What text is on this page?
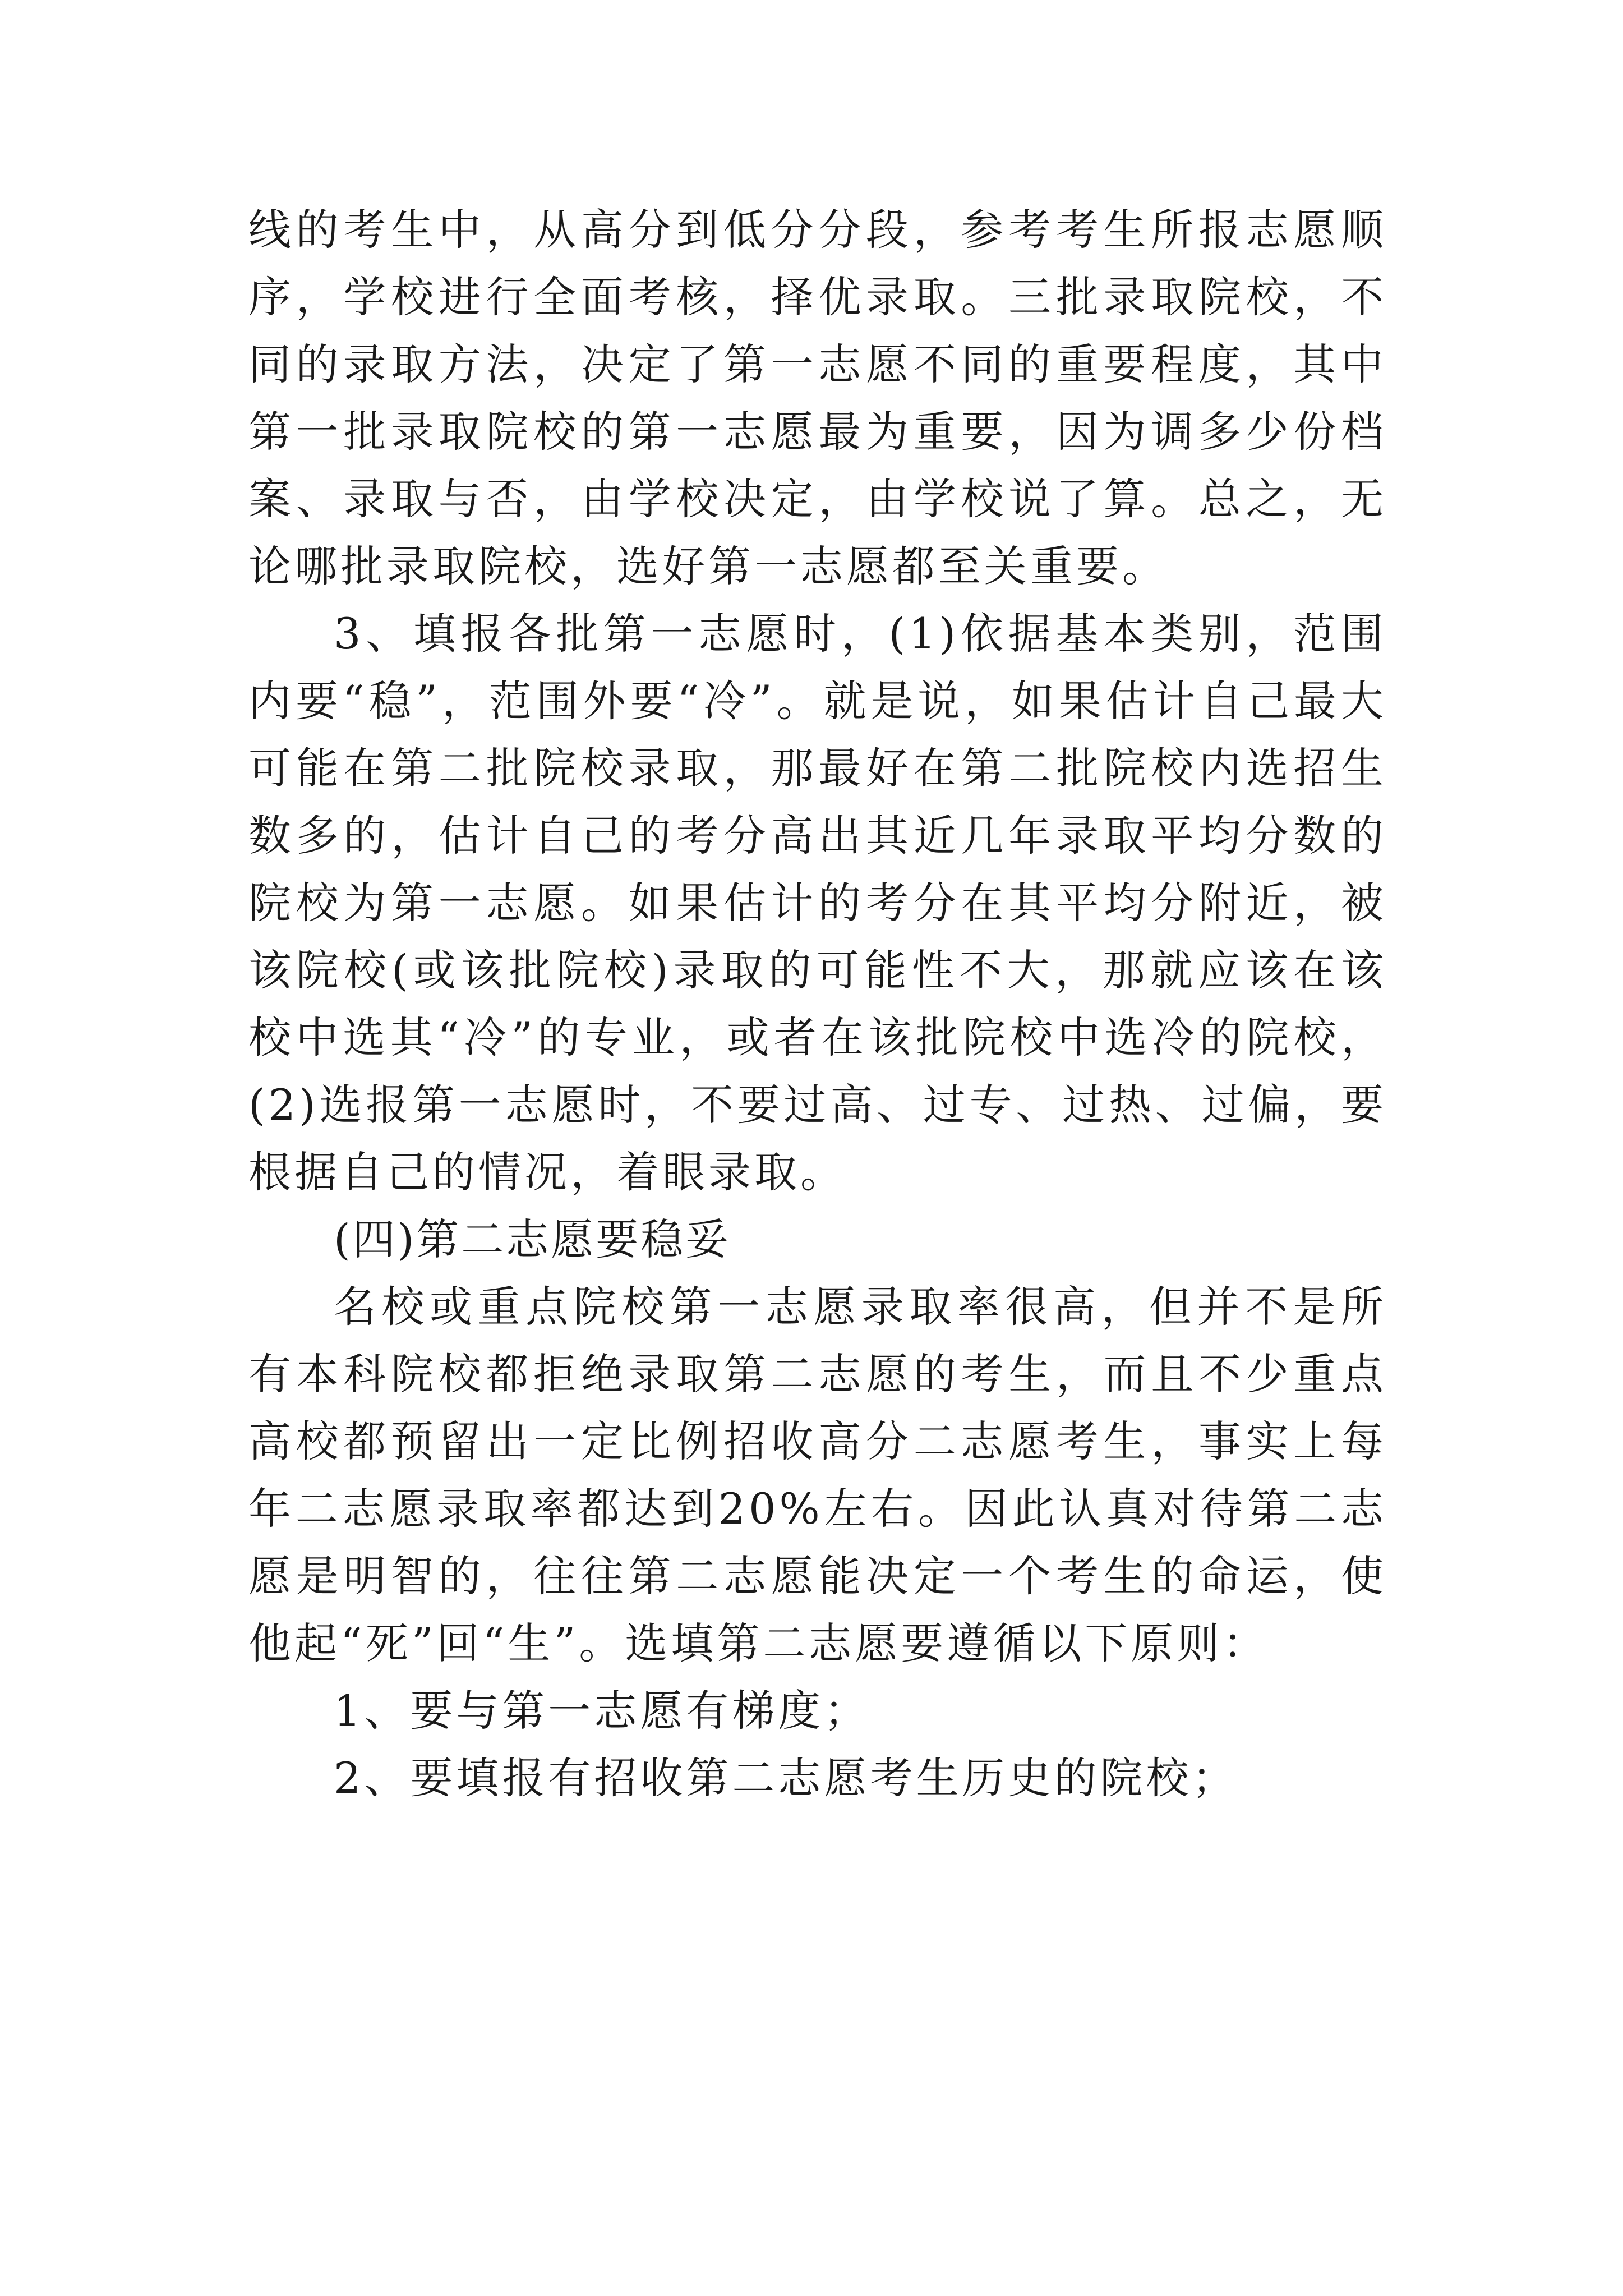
线的考生中，从高分到低分分段，参考考生所报志愿顺序，学校进行全面考核，择优录取。三批录取院校，不同的录取方法，决定了第一志愿不同的重要程度，其中第一批录取院校的第一志愿最为重要，因为调多少份档案、录取与否，由学校决定，由学校说了算。总之，无论哪批录取院校，选好第一志愿都至关重要。

3、填报各批第一志愿时，(1)依据基本类别，范围内要“稳”，范围外要“冷”。就是说，如果估计自己最大可能在第二批院校录取，那最好在第二批院校内选招生数多的，估计自己的考分高出其近几年录取平均分数的院校为第一志愿。如果估计的考分在其平均分附近，被该院校(或该批院校)录取的可能性不大，那就应该在该校中选其“冷”的专业，或者在该批院校中选冷的院校，(2)选报第一志愿时，不要过高、过专、过热、过偏，要根据自己的情况，着眼录取。

(四)第二志愿要稳妥

名校或重点院校第一志愿录取率很高，但并不是所有本科院校都拒绝录取第二志愿的考生，而且不少重点高校都预留出一定比例招收高分二志愿考生，事实上每年二志愿录取率都达到20%左右。因此认真对待第二志愿是明智的，往往第二志愿能决定一个考生的命运，使他起“死”回“生”。选填第二志愿要遵循以下原则：

1、要与第一志愿有梯度；

2、要填报有招收第二志愿考生历史的院校；
